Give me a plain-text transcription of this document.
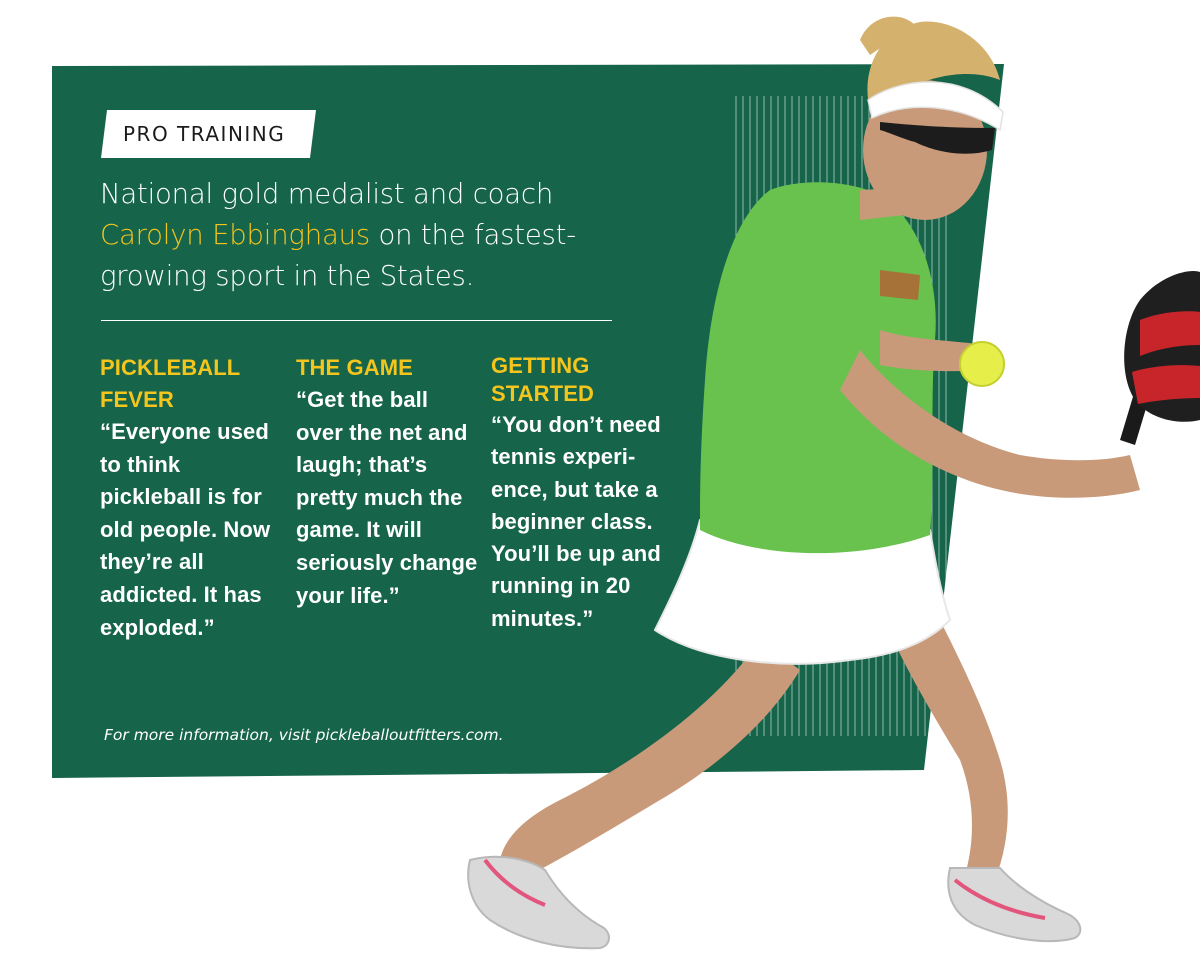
PRO TRAINING
National gold medalist and coach Carolyn Ebbinghaus on the fastest-growing sport in the States.
PICKLEBALL FEVER
“Everyone used to think pickleball is for old people. Now they’re all addicted. It has exploded.”
THE GAME
“Get the ball over the net and laugh; that’s pretty much the game. It will seriously change your life.”
GETTING STARTED
“You don’t need tennis experi-ence, but take a beginner class. You’ll be up and running in 20 minutes.”
For more information, visit pickleballoutfitters.com.
